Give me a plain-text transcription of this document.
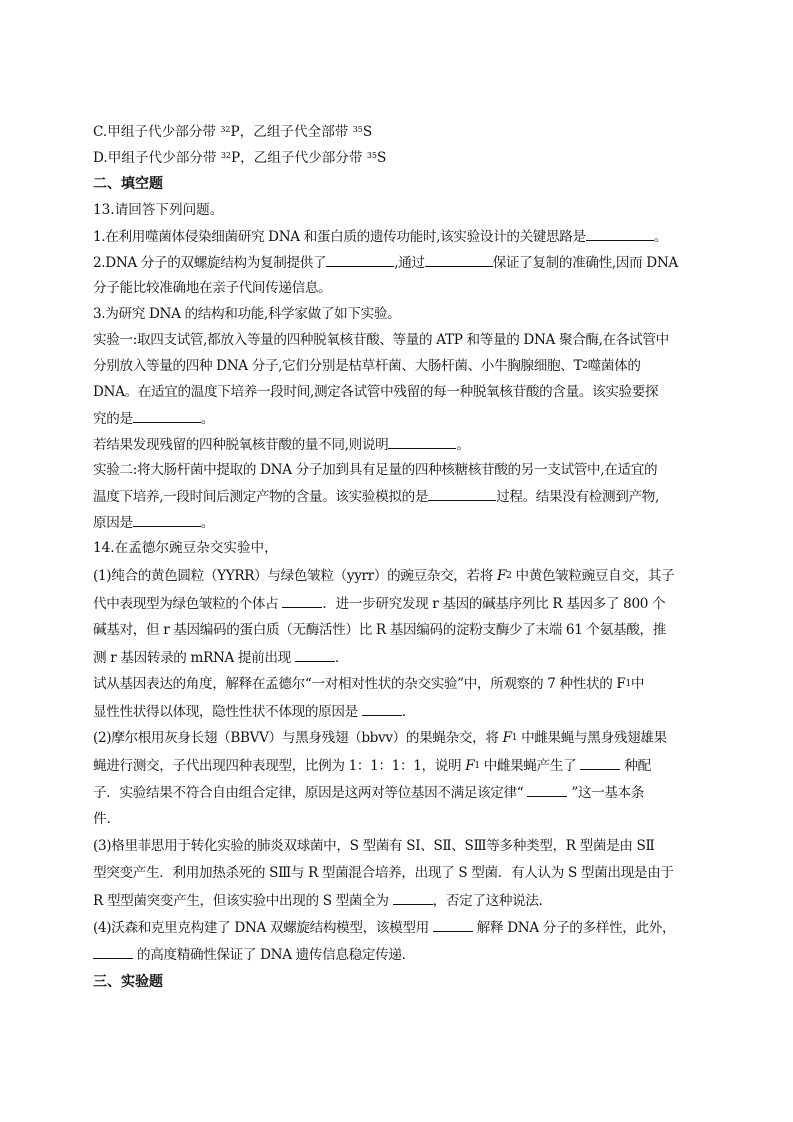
C.甲组子代少部分带 $^{32}$P，乙组子代全部带 $^{35}$S
D.甲组子代少部分带 $^{32}$P，乙组子代少部分带 $^{35}$S
二、填空题
13.请回答下列问题。
1.在利用噬菌体侵染细菌研究 DNA 和蛋白质的遗传功能时,该实验设计的关键思路是	。
2.DNA 分子的双螺旋结构为复制提供了	,通过	保证了复制的准确性,因而 DNA
分子能比较准确地在亲子代间传递信息。
3.为研究 DNA 的结构和功能,科学家做了如下实验。
实验一:取四支试管,都放入等量的四种脱氧核苷酸、等量的 ATP 和等量的 DNA 聚合酶,在各试管中
分别放入等量的四种 DNA 分子,它们分别是枯草杆菌、大肠杆菌、小牛胸腺细胞、T2噬菌体的
DNA。在适宜的温度下培养一段时间,测定各试管中残留的每一种脱氧核苷酸的含量。该实验要探
究的是	。
若结果发现残留的四种脱氧核苷酸的量不同,则说明	。
实验二:将大肠杆菌中提取的 DNA 分子加到具有足量的四种核糖核苷酸的另一支试管中,在适宜的
温度下培养,一段时间后测定产物的含量。该实验模拟的是	过程。结果没有检测到产物,
原因是	。
14.在孟德尔豌豆杂交实验中，
(1)纯合的黄色圆粒（YYRR）与绿色皱粒（yyrr）的豌豆杂交，若将 F2 中黄色皱粒豌豆自交，其子
代中表现型为绿色皱粒的个体占	．进一步研究发现 r 基因的碱基序列比 R 基因多了 800 个
碱基对，但 r 基因编码的蛋白质（无酶活性）比 R 基因编码的淀粉支酶少了末端 61 个氨基酸，推
测 r 基因转录的 mRNA 提前出现	．
试从基因表达的角度，解释在孟德尔“一对相对性状的杂交实验”中，所观察的 7 种性状的 F1中
显性性状得以体现，隐性性状不体现的原因是	．
(2)摩尔根用灰身长翅（BBVV）与黑身残翅（bbvv）的果蝇杂交，将 F1 中雌果蝇与黑身残翅雄果
蝇进行测交，子代出现四种表现型，比例为 1：1：1：1，说明 F1 中雌果蝇产生了	种配
子．实验结果不符合自由组合定律，原因是这两对等位基因不满足该定律“	”这一基本条
件．
(3)格里菲思用于转化实验的肺炎双球菌中，S 型菌有 SⅠ、SⅡ、SⅢ等多种类型，R 型菌是由 SⅡ
型突变产生．利用加热杀死的 SⅢ与 R 型菌混合培养，出现了 S 型菌．有人认为 S 型菌出现是由于
R 型型菌突变产生，但该实验中出现的 S 型菌全为	，否定了这种说法．
(4)沃森和克里克构建了 DNA 双螺旋结构模型，该模型用	解释 DNA 分子的多样性，此外，
的高度精确性保证了 DNA 遗传信息稳定传递．
三、实验题
